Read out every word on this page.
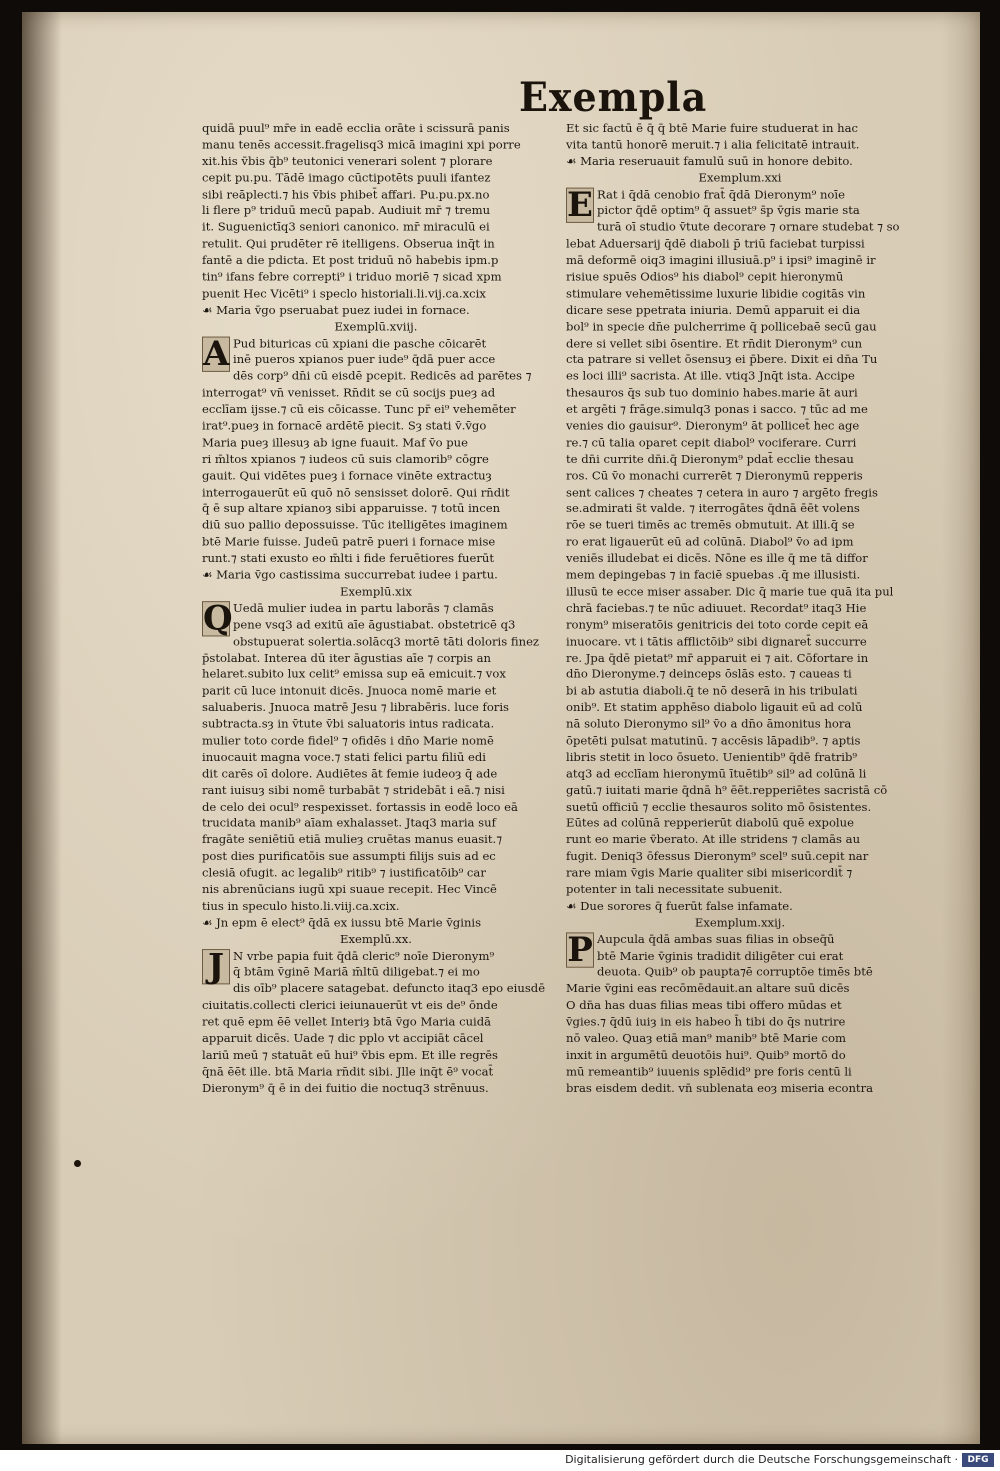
Exempla
quidā puul⁹ mr̄e in eadē ecclia orāte i scissurā panis
manu tenēs accessit.fragelisq3 micā imagini xpi porre
xit.his v̄bis q̄b⁹ teutonici venerari solent ⁊ plorare
cepit pu.pu. Tādē imago cūctipotēts puuli ifantez
sibi reāplecti.⁊ his v̄bis phibet̄ affari. Pu.pu.px.no
li flere p⁹ triduū mecū papab. Audiuit mr̄ ⁊ tremu
it. Suguenictīq3 seniori canonico. mr̄ miraculū ei
retulit. Qui prudēter rē itelligens. Obserua inq̄t in
fantē a die pdicta. Et post triduū nō habebis ipm.p
tin⁹ ifans febre correpti⁹ i triduo moriē ⁊ sicad xpm
puenit Hec Vicēti⁹ i speclo historiali.li.vij.ca.xcix
☙ Maria v̄go pseruabat puez iudei in fornace.
Exemplū.xviij.
A Pud bituricas cū xpiani die pasche cōicarēt
inē pueros xpianos puer iude⁹ q̄dā puer acce
dēs corp⁹ dn̄i cū eisdē pcepit. Redicēs ad parētes ⁊
interrogat⁹ vn̄ venisset. Rn̄dit se cū socijs pueȝ ad
ecclīam ijsse.⁊ cū eis cōicasse. Tunc pr̄ ei⁹ vehemēter
irat⁹.pueȝ in fornacē ardētē piecit. Sȝ stati v̄.v̄go
Maria pueȝ illesuȝ ab igne fuauit. Maf v̄o pue
ri m̄ltos xpianos ⁊ iudeos cū suis clamorib⁹ cōgre
gauit. Qui vidētes pueȝ i fornace vinēte extractuȝ
interrogauerūt eū quō nō sensisset dolorē. Qui rn̄dit
q̄ ē sup altare xpianoȝ sibi apparuisse. ⁊ totū incen
diū suo pallio depossuisse. Tūc itelligētes imaginem
btē Marie fuisse. Judeū patrē pueri i fornace mise
runt.⁊ stati exusto eo m̄lti i fide feruētiores fuerūt
☙ Maria v̄go castissima succurrebat iudee i partu.
Exemplū.xix
Q Uedā mulier iudea in partu laborās ⁊ clamās
pene vsq3 ad exitū aīe āgustiabat. obstetricē q3
obstupuerat solertia.solācq3 mortē tāti doloris finez
p̄stolabat. Interea dū iter āgustias aīe ⁊ corpis an
helaret.subito lux celit⁹ emissa sup eā emicuit.⁊ vox
parit cū luce intonuit dicēs. Jnuoca nomē marie et
saluaberis. Jnuoca matrē Jesu ⁊ librabēris. luce foris
subtracta.sȝ in v̄tute v̄bi saluatoris intus radicata.
mulier toto corde fidel⁹ ⁊ ofidēs i dn̄o Marie nomē
inuocauit magna voce.⁊ stati felici partu filiū edi
dit carēs oī dolore. Audiētes āt femie iudeoȝ q̄ ade
rant iuisuȝ sibi nomē turbabāt ⁊ stridebāt i eā.⁊ nisi
de celo dei ocul⁹ respexisset. fortassis in eodē loco eā
trucidata manib⁹ aīam exhalasset. Jtaq3 maria suf
fragāte seniētiū etiā mulieȝ cruētas manus euasit.⁊
post dies purificatōis sue assumpti filijs suis ad ec
clesiā ofugit. ac legalib⁹ ritib⁹ ⁊ iustificatōib⁹ car
nis abrenūcians iugū xpi suaue recepit. Hec Vincē
tius in speculo histo.li.viij.ca.xcix.
☙ Jn epm ē elect⁹ q̄dā ex iussu btē Marie v̄ginis
Exemplū.xx.
J N vrbe papia fuit q̄dā cleric⁹ noīe Dieronym⁹
q̄ btām v̄ginē Mariā m̄ltū diligebat.⁊ ei mo
dis oīb⁹ placere satagebat. defuncto itaq3 epo eiusdē
ciuitatis.collecti clerici ieiunauerūt vt eis de⁹ ōnde
ret quē epm ēē vellet Interiȝ btā v̄go Maria cuidā
apparuit dicēs. Uade ⁊ dic pplo vt accipiāt cācel
lariū meū ⁊ statuāt eū hui⁹ v̄bis epm. Et ille regrēs
q̄nā ēēt ille. btā Maria rn̄dit sibi. Jlle inq̄t ē⁹ vocat̄
Dieronym⁹ q̄ ē in dei fuitio die noctuq3 strēnuus.
Et sic factū ē q̄ q̄ btē Marie fuire studuerat in hac
vita tantū honorē meruit.⁊ i alia felicitatē intrauit.
☙ Maria reseruauit famulū suū in honore debito.
Exemplum.xxi
E Rat i q̄dā cenobio frat̄ q̄dā Dieronym⁹ noīe
pictor q̄dē optim⁹ q̄ assuet⁹ s̄p v̄gis marie sta
turā oī studio v̄tute decorare ⁊ ornare studebat ⁊ so
lebat Aduersarij q̄dē diaboli p̄ triū faciebat turpissi
mā deformē oiq3 imagini illusiuā.p⁹ i ipsi⁹ imaginē ir
risiue spuēs Odios⁹ his diabol⁹ cepit hieronymū
stimulare vehemētissime luxurie libidie cogitās vin
dicare sese ppetrata iniuria. Demū apparuit ei dia
bol⁹ in specie dn̄e pulcherrime q̄ pollicebaē secū gau
dere si vellet sibi ōsentire. Et rn̄dit Dieronym⁹ cun
cta patrare si vellet ōsensuȝ ei p̄bere. Dixit ei dn̄a Tu
es loci illi⁹ sacrista. At ille. vtiq3 Jnq̄t ista. Accipe
thesauros q̄s sub tuo dominio habes.marie āt auri
et argēti ⁊ frāge.simulq3 ponas i sacco. ⁊ tūc ad me
venies dio gauisur⁹. Dieronym⁹ āt pollicet̄ hec age
re.⁊ cū talia oparet cepit diabol⁹ vociferare. Curri
te dn̄i currite dn̄i.q̄ Dieronym⁹ pdat̄ ecclie thesau
ros. Cū v̄o monachi currerēt ⁊ Dieronymū repperis
sent calices ⁊ cheates ⁊ cetera in auro ⁊ argēto fregis
se.admirati s̄t valde. ⁊ iterrogātes q̄dnā ēēt volens
rōe se tueri timēs ac tremēs obmutuit. At illi.q̄ se
ro erat ligauerūt eū ad colūnā. Diabol⁹ v̄o ad ipm
veniēs illudebat ei dicēs. Nōne es ille q̄ me tā diffor
mem depingebas ⁊ in faciē spuebas .q̄ me illusisti.
illusū te ecce miser assaber. Dic q̄ marie tue quā ita pul
chrā faciebas.⁊ te nūc adiuuet. Recordat⁹ itaq3 Hie
ronym⁹ miseratōis genitricis dei toto corde cepit eā
inuocare. vt i tātis afflictōib⁹ sibi dignaret̄ succurre
re. Jpa q̄dē pietat⁹ mr̄ apparuit ei ⁊ ait. Cōfortare in
dn̄o Dieronyme.⁊ deinceps ōslās esto. ⁊ caueas ti
bi ab astutia diaboli.q̄ te nō deserā in his tribulati
onib⁹. Et statim apphēso diabolo ligauit eū ad colū
nā soluto Dieronymo sil⁹ v̄o a dn̄o āmonitus hora
ōpetēti pulsat matutinū. ⁊ accēsis lāpadib⁹. ⁊ aptis
libris stetit in loco ōsueto. Uenientib⁹ q̄dē fratrib⁹
atq3 ad ecclīam hieronymū ītuētib⁹ sil⁹ ad colūnā li
gatū.⁊ iuitati marie q̄dnā h⁹ ēēt.repperiētes sacristā cō
suetū officiū ⁊ ecclie thesauros solito mō ōsistentes.
Eūtes ad colūnā repperierūt diabolū quē expolue
runt eo marie v̄berato. At ille stridens ⁊ clamās au
fugit. Deniq3 ōfessus Dieronym⁹ scel⁹ suū.cepit nar
rare miam v̄gis Marie qualiter sibi misericordit̄ ⁊
potenter in tali necessitate subuenit.
☙ Due sorores q̄ fuerūt false infamate.
Exemplum.xxij.
P Aupcula q̄dā ambas suas filias in obseq̄ū
btē Marie v̄ginis tradidit diligēter cui erat
deuota. Quib⁹ ob paupta⁊ē corruptōe timēs btē
Marie v̄gini eas recōmēdauit.an altare suū dicēs
O dn̄a has duas filias meas tibi offero mūdas et
v̄gies.⁊ q̄dū iuiȝ in eis habeo h̄ tibi do q̄s nutrire
nō valeo. Quaȝ etiā man⁹ manib⁹ btē Marie com
inxit in argumētū deuotōis hui⁹. Quib⁹ mortō do
mū remeantib⁹ iuuenis splēdid⁹ pre foris centū li
bras eisdem dedit. vn̄ sublenata eoȝ miseria econtra
Digitalisierung gefördert durch die Deutsche Forschungsgemeinschaft ·	DFG
